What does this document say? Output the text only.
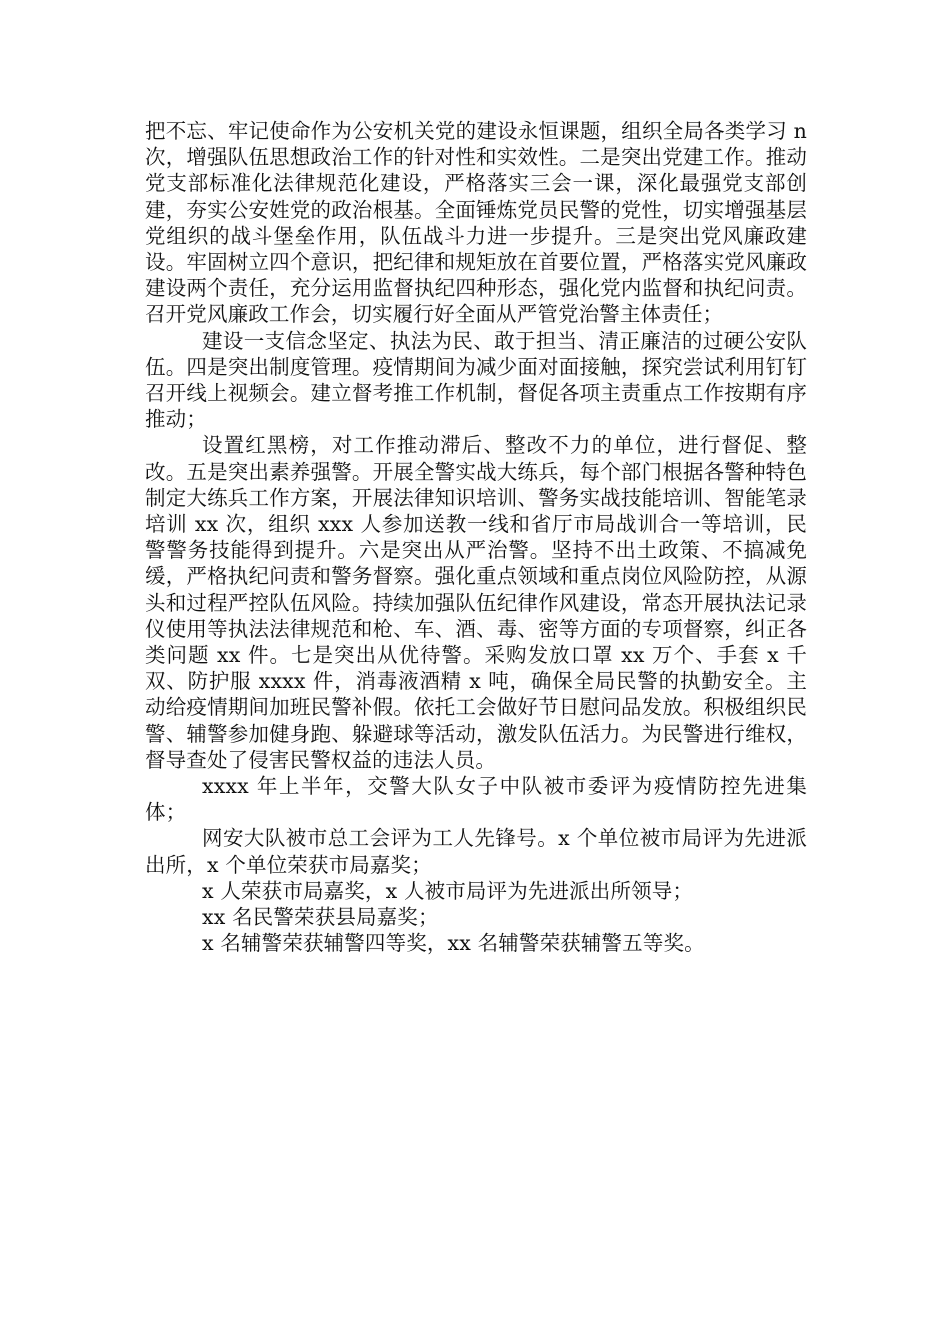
把不忘、牢记使命作为公安机关党的建设永恒课题，组织全局各类学习 n 次，增强队伍思想政治工作的针对性和实效性。二是突出党建工作。推动党支部标准化法律规范化建设，严格落实三会一课，深化最强党支部创建，夯实公安姓党的政治根基。全面锤炼党员民警的党性，切实增强基层党组织的战斗堡垒作用，队伍战斗力进一步提升。三是突出党风廉政建设。牢固树立四个意识，把纪律和规矩放在首要位置，严格落实党风廉政建设两个责任，充分运用监督执纪四种形态，强化党内监督和执纪问责。召开党风廉政工作会，切实履行好全面从严管党治警主体责任；

建设一支信念坚定、执法为民、敢于担当、清正廉洁的过硬公安队伍。四是突出制度管理。疫情期间为减少面对面接触，探究尝试利用钉钉召开线上视频会。建立督考推工作机制，督促各项主责重点工作按期有序推动；

设置红黑榜，对工作推动滞后、整改不力的单位，进行督促、整改。五是突出素养强警。开展全警实战大练兵，每个部门根据各警种特色制定大练兵工作方案，开展法律知识培训、警务实战技能培训、智能笔录培训 xx 次，组织 xxx 人参加送教一线和省厅市局战训合一等培训，民警警务技能得到提升。六是突出从严治警。坚持不出土政策、不搞减免缓，严格执纪问责和警务督察。强化重点领域和重点岗位风险防控，从源头和过程严控队伍风险。持续加强队伍纪律作风建设，常态开展执法记录仪使用等执法法律规范和枪、车、酒、毒、密等方面的专项督察，纠正各类问题 xx 件。七是突出从优待警。采购发放口罩 xx 万个、手套 x 千双、防护服 xxxx 件，消毒液酒精 x 吨，确保全局民警的执勤安全。主动给疫情期间加班民警补假。依托工会做好节日慰问品发放。积极组织民警、辅警参加健身跑、躲避球等活动，激发队伍活力。为民警进行维权，督导查处了侵害民警权益的违法人员。

xxxx 年上半年，交警大队女子中队被市委评为疫情防控先进集体；

网安大队被市总工会评为工人先锋号。x 个单位被市局评为先进派出所，x 个单位荣获市局嘉奖；

x 人荣获市局嘉奖，x 人被市局评为先进派出所领导；

xx 名民警荣获县局嘉奖；

x 名辅警荣获辅警四等奖，xx 名辅警荣获辅警五等奖。
